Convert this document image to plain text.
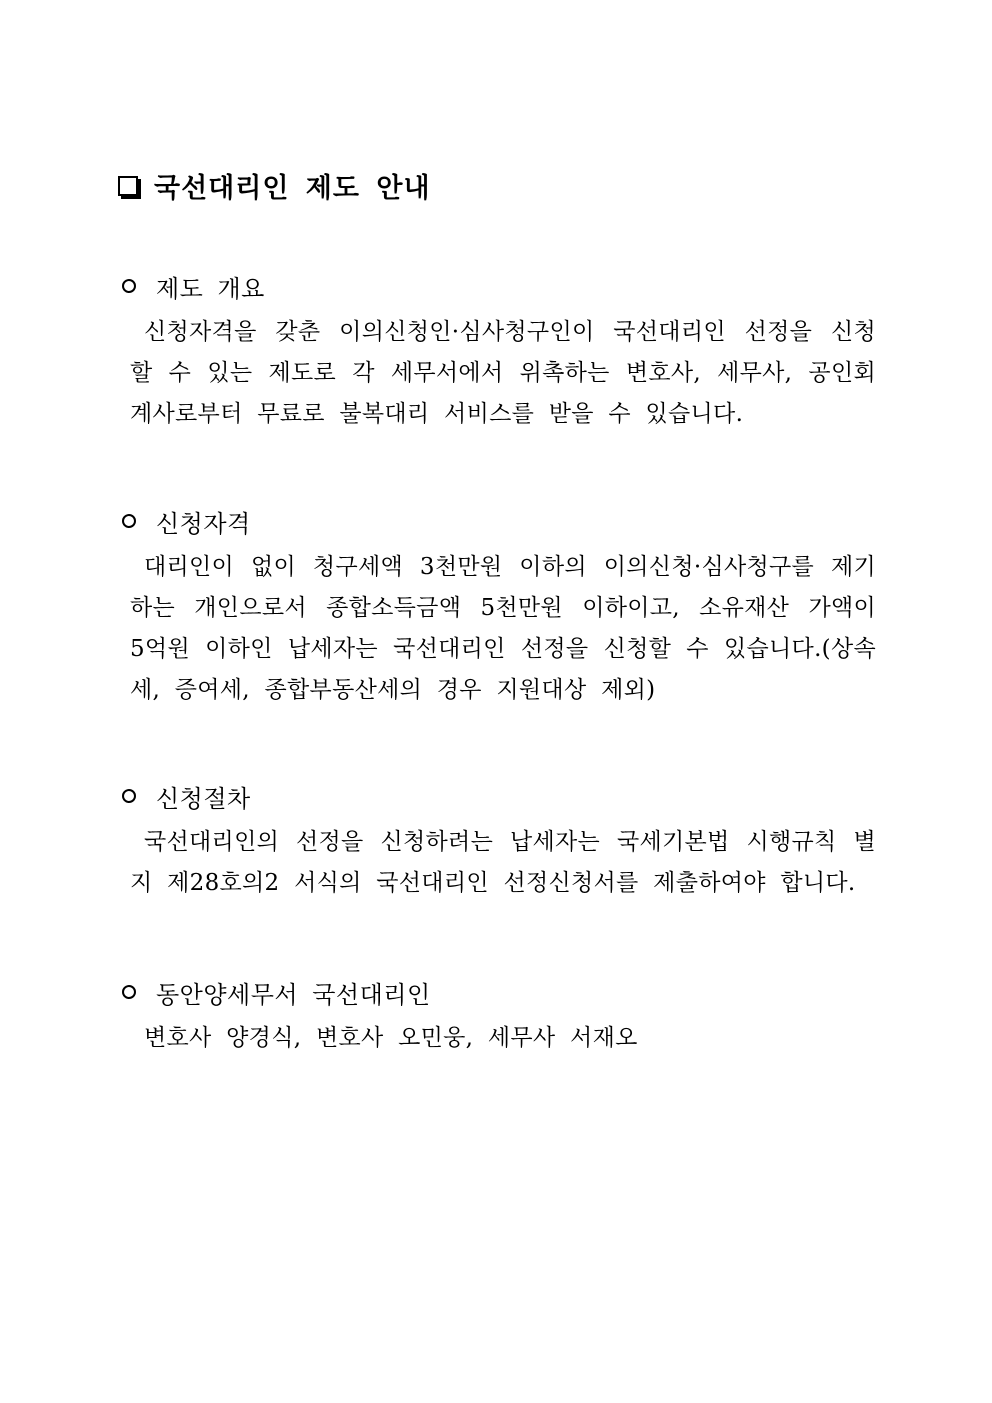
국선대리인 제도 안내
제도 개요
신청자격을 갖춘 이의신청인·심사청구인이 국선대리인 선정을 신청할 수 있는 제도로 각 세무서에서 위촉하는 변호사, 세무사, 공인회계사로부터 무료로 불복대리 서비스를 받을 수 있습니다.
신청자격
대리인이 없이 청구세액 3천만원 이하의 이의신청·심사청구를 제기하는 개인으로서 종합소득금액 5천만원 이하이고, 소유재산 가액이 5억원 이하인 납세자는 국선대리인 선정을 신청할 수 있습니다.(상속세, 증여세, 종합부동산세의 경우 지원대상 제외)
신청절차
국선대리인의 선정을 신청하려는 납세자는 국세기본법 시행규칙 별지 제28호의2 서식의 국선대리인 선정신청서를 제출하여야 합니다.
동안양세무서 국선대리인
변호사 양경식, 변호사 오민웅, 세무사 서재오
